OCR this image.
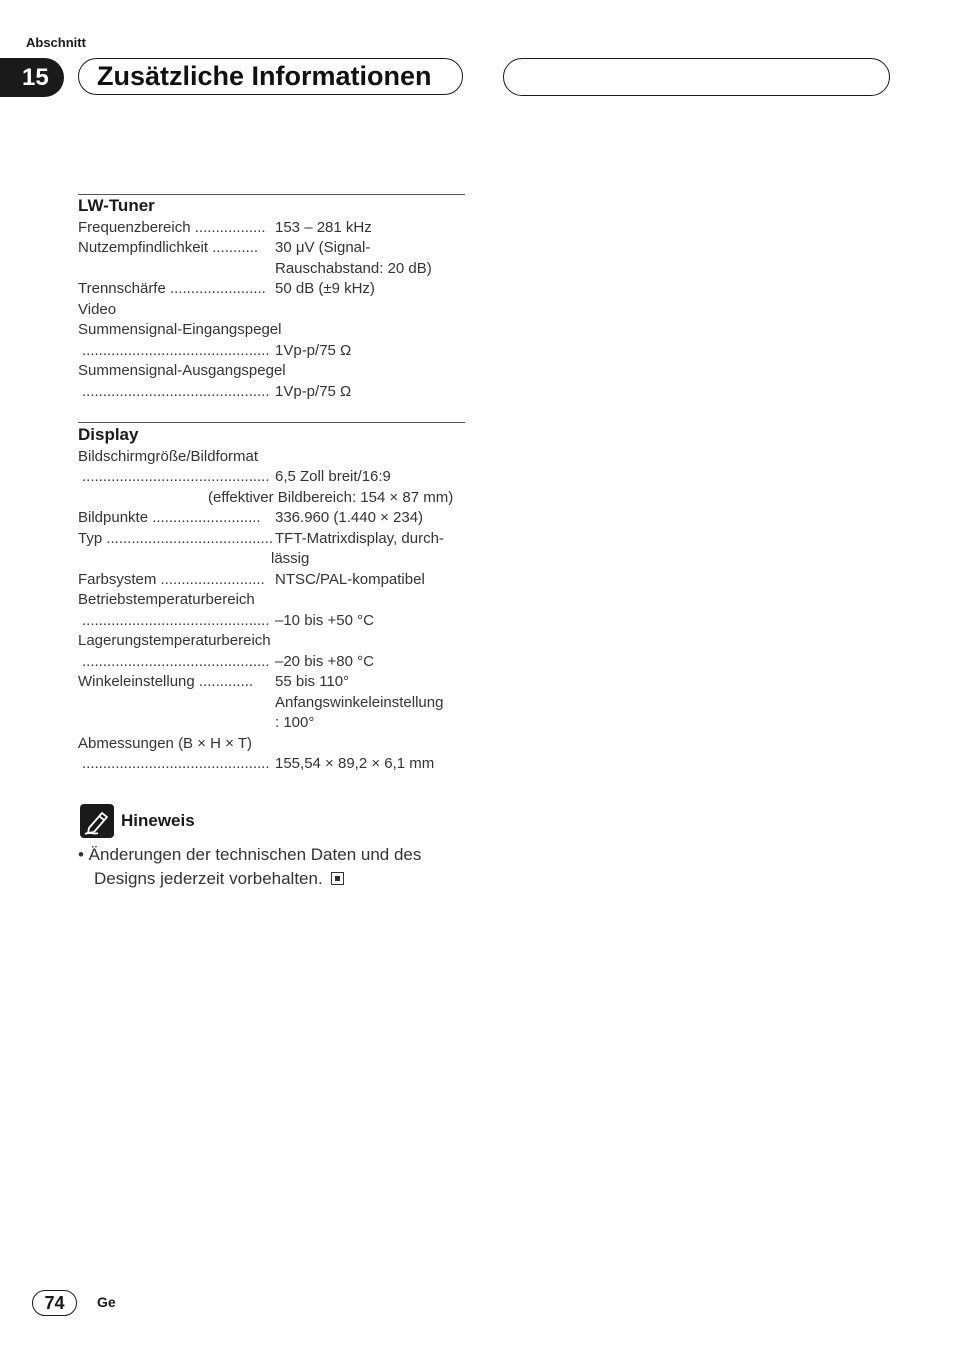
Abschnitt
15	Zusätzliche Informationen
LW-Tuner
Frequenzbereich ................. 153 – 281 kHz
Nutzempfindlichkeit ........... 30 μV (Signal-
Rauschabstand: 20 dB)
Trennschärfe ....................... 50 dB (±9 kHz)
Video
Summensignal-Eingangspegel
............................................. 1Vp-p/75 Ω
Summensignal-Ausgangspegel
............................................. 1Vp-p/75 Ω
Display
Bildschirmgröße/Bildformat
............................................. 6,5 Zoll breit/16:9
(effektiver Bildbereich: 154 × 87 mm)
Bildpunkte .......................... 336.960 (1.440 × 234)
Typ ........................................ TFT-Matrixdisplay, durch-
lässig
Farbsystem ......................... NTSC/PAL-kompatibel
Betriebstemperaturbereich
............................................. –10 bis +50 °C
Lagerungstemperaturbereich
............................................. –20 bis +80 °C
Winkeleinstellung ............. 55 bis 110°
Anfangswinkeleinstellung
: 100°
Abmessungen (B × H × T)
............................................. 155,54 × 89,2 × 6,1 mm
Hineweis
• Änderungen der technischen Daten und des
Designs jederzeit vorbehalten.
74	Ge
